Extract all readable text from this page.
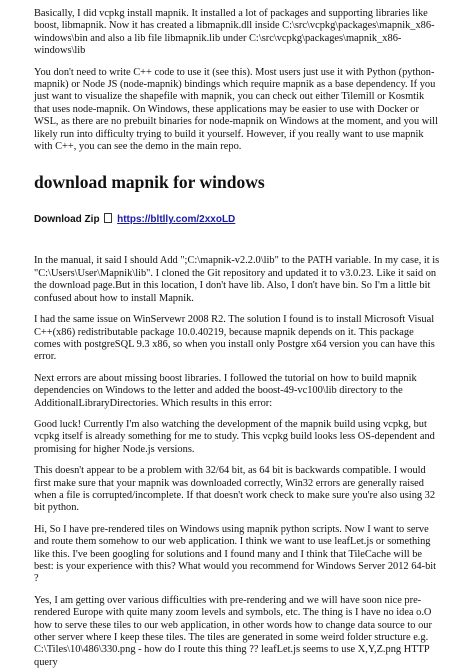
Basically, I did vcpkg install mapnik. It installed a lot of packages and supporting libraries like boost, libmapnik. Now it has created a libmapnik.dll inside C:\src\vcpkg\packages\mapnik_x86-windows\bin and also a lib file libmapnik.lib under C:\src\vcpkg\packages\mapnik_x86-windows\lib

You don't need to write C++ code to use it (see this). Most users just use it with Python (python-mapnik) or Node JS (node-mapnik) bindings which require mapnik as a base dependency. If you just want to visualize the shapefile with mapnik, you can check out either Tilemill or Kosmtik that uses node-mapnik. On Windows, these applications may be easier to use with Docker or WSL, as there are no prebuilt binaries for node-mapnik on Windows at the moment, and you will likely run into difficulty trying to build it yourself. However, if you really want to use mapnik with C++, you can see the demo in the main repo.

download mapnik for windows
Download Zip https://bltlly.com/2xxoLD

In the manual, it said I should Add ";C:\mapnik-v2.2.0\lib" to the PATH variable. In my case, it is "C:\Users\User\Mapnik\lib". I cloned the Git repository and updated it to v3.0.23. Like it said on the download page.But in this location, I don't have lib. Also, I don't have bin. So I'm a little bit confused about how to install Mapnik.

I had the same issue on WinServewr 2008 R2. The solution I found is to install Microsoft Visual C++(x86) redistributable package 10.0.40219, because mapnik depends on it. This package comes with postgreSQL 9.3 x86, so when you install only Postgre x64 version you can have this error.

Next errors are about missing boost libraries. I followed the tutorial on how to build mapnik dependencies on Windows to the letter and added the boost-49-vc100\lib directory to the AdditionalLibraryDirectories. Which results in this error:

Good luck! Currently I'm also watching the development of the mapnik build using vcpkg, but vcpkg itself is already something for me to study. This vcpkg build looks less OS-dependent and promising for higher Node.js versions.

This doesn't appear to be a problem with 32/64 bit, as 64 bit is backwards compatible. I would first make sure that your mapnik was downloaded correctly, Win32 errors are generally raised when a file is corrupted/incomplete. If that doesn't work check to make sure you're also using 32 bit python.

Hi, So I have pre-rendered tiles on Windows using mapnik python scripts. Now I want to serve and route them somehow to our web application. I think we want to use leafLet.js or something like this. I've been googling for solutions and I found many and I think that TileCache will be best: is your experience with this? What would you recommend for Windows Server 2012 64-bit ?

Yes, I am getting over various difficulties with pre-rendering and we will have soon nice pre-rendered Europe with quite many zoom levels and symbols, etc. The thing is I have no idea o.O how to serve these tiles to our web application, in other words how to change data source to our other server where I keep these tiles. The tiles are generated in some weird folder structure e.g. C:\Tiles\10\486\330.png - how do I route this thing ?? leafLet.js seems to use X,Y,Z.png HTTP query
